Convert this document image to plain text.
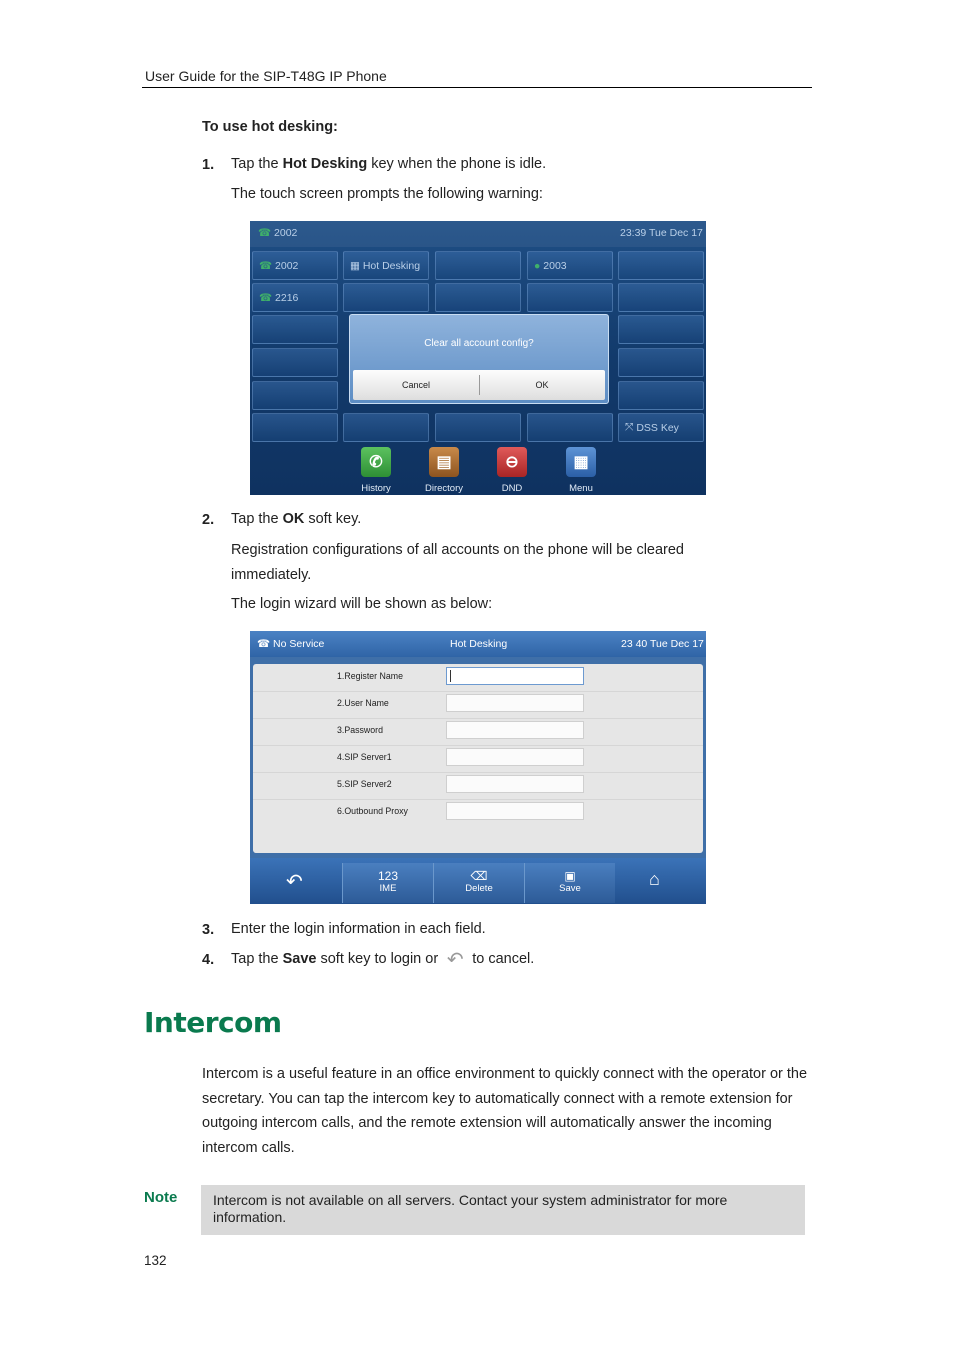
User Guide for the SIP-T48G IP Phone
To use hot desking:
1. Tap the Hot Desking key when the phone is idle.
The touch screen prompts the following warning:
☎ 2002	23:39 Tue Dec 17
☎
2002	▦
Hot Desking	●
2003
☎
2216
⤧
DSS Key
Clear all account config?
Cancel	OK
✆
History
▤
Directory
⊖
DND
▦
Menu
2. Tap the OK soft key.
Registration configurations of all accounts on the phone will be cleared immediately.
The login wizard will be shown as below:
☎ No Service	Hot Desking	23 40 Tue Dec 17
1.Register Name
2.User Name
3.Password
4.SIP Server1
5.SIP Server2
6.Outbound Proxy
↶	123
IME
⌫
Delete
▣
Save	⌂
3. Enter the login information in each field.
4. Tap the Save soft key to login or ↶ to cancel.
Intercom
Intercom is a useful feature in an office environment to quickly connect with the operator or the secretary. You can tap the intercom key to automatically connect with a remote extension for outgoing intercom calls, and the remote extension will automatically answer the incoming intercom calls.
Note	Intercom is not available on all servers. Contact your system administrator for more information.
132
